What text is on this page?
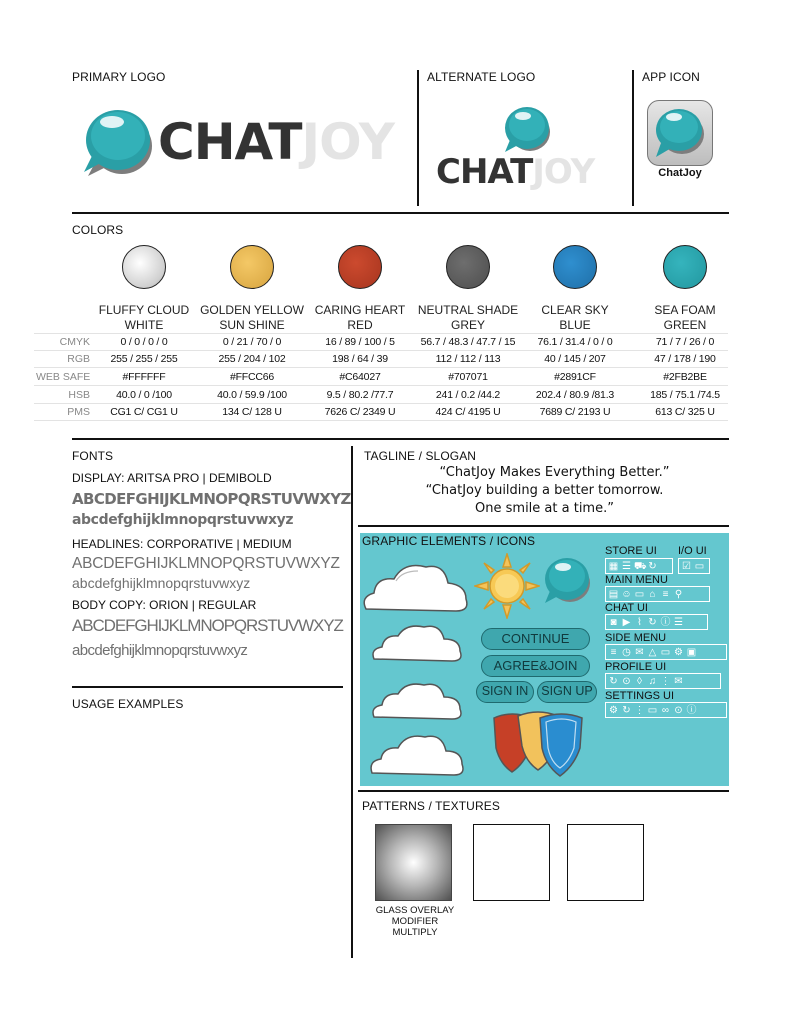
PRIMARY LOGO	ALTERNATE LOGO	APP ICON
CHATJOY
CHATJOY	ChatJoy
COLORS
FLUFFY CLOUD
WHITE
GOLDEN YELLOW
SUN SHINE
CARING HEART
RED
NEUTRAL SHADE
GREY
CLEAR SKY
BLUE
SEA FOAM
GREEN
CMYK	0 / 0 / 0 / 0	0 / 21 / 70 / 0	16 / 89 / 100 / 5	56.7 / 48.3 / 47.7 / 15	76.1 / 31.4 / 0 / 0	71 / 7 / 26 / 0
RGB	255 / 255 / 255	255 / 204 / 102	198 / 64 / 39	112 / 112 / 113	40 / 145 / 207	47 / 178 / 190
WEB SAFE	#FFFFFF	#FFCC66	#C64027	#707071	#2891CF	#2FB2BE
HSB	40.0 / 0 /100	40.0 / 59.9 /100	9.5 / 80.2 /77.7	241 / 0.2 /44.2	202.4 / 80.9 /81.3	185 / 75.1 /74.5
PMS	CG1 C/ CG1 U	134 C/ 128 U	7626 C/ 2349 U	424 C/ 4195 U	7689 C/ 2193 U	613 C/ 325 U
FONTS
DISPLAY: ARITSA PRO | DEMIBOLD
ABCDEFGHIJKLMNOPQRSTUVWXYZ
abcdefghijklmnopqrstuvwxyz
HEADLINES: CORPORATIVE | MEDIUM
ABCDEFGHIJKLMNOPQRSTUVWXYZ
abcdefghijklmnopqrstuvwxyz
BODY COPY: ORION | REGULAR
ABCDEFGHIJKLMNOPQRSTUVWXYZ
abcdefghijklmnopqrstuvwxyz
USAGE EXAMPLES
TAGLINE / SLOGAN
“ChatJoy Makes Everything Better.”
“ChatJoy building a better tomorrow.
One smile at a time.”
GRAPHIC ELEMENTS / ICONS
CONTINUE
AGREE&JOIN
SIGN IN	SIGN UP
STORE UI I/O UI
▦ ☰ ⛟ ↻	☑ ▭
MAIN MENU
▤ ☺ ▭ ⌂ ≡ ⚲
CHAT UI
◙ ▶ ⌇ ↻ ⓘ ☰
SIDE MENU
≡ ◷ ✉ △ ▭ ⚙ ▣
PROFILE UI
↻ ⊙ ◊ ♫ ⋮ ✉
SETTINGS UI
⚙ ↻ ⋮ ▭ ∞ ⊙ ⓘ
PATTERNS / TEXTURES
GLASS OVERLAY
MODIFIER
MULTIPLY
